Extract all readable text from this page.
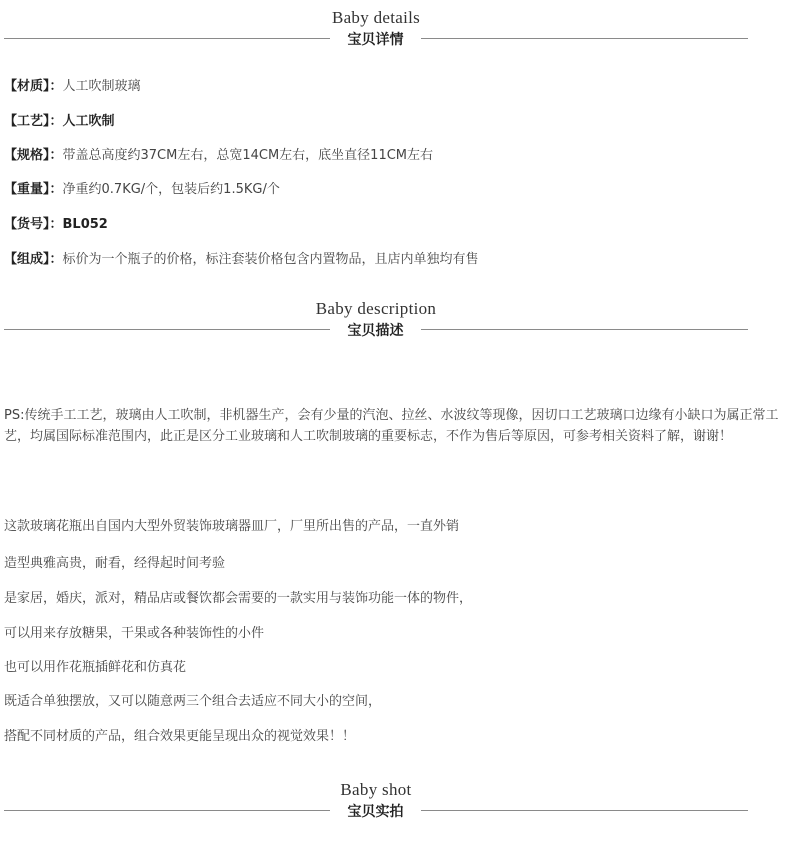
Baby details
宝贝详情
【材质】：人工吹制玻璃
【工艺】：人工吹制
【规格】：带盖总高度约37CM左右，总宽14CM左右，底坐直径11CM左右
【重量】：净重约0.7KG/个，包装后约1.5KG/个
【货号】：BL052
【组成】：标价为一个瓶子的价格，标注套装价格包含内置物品，且店内单独均有售
Baby description
宝贝描述
PS:传统手工工艺，玻璃由人工吹制，非机器生产，会有少量的汽泡、拉丝、水波纹等现像，因切口工艺玻璃口边缘有小缺口为属正常工艺，均属国际标准范围内，此正是区分工业玻璃和人工吹制玻璃的重要标志，不作为售后等原因，可参考相关资料了解，谢谢！
这款玻璃花瓶出自国内大型外贸装饰玻璃器皿厂，厂里所出售的产品，一直外销
造型典雅高贵，耐看，经得起时间考验
是家居，婚庆，派对，精品店或餐饮都会需要的一款实用与装饰功能一体的物件，
可以用来存放糖果，干果或各种装饰性的小件
也可以用作花瓶插鲜花和仿真花
既适合单独摆放，又可以随意两三个组合去适应不同大小的空间，
搭配不同材质的产品，组合效果更能呈现出众的视觉效果！！
Baby shot
宝贝实拍
